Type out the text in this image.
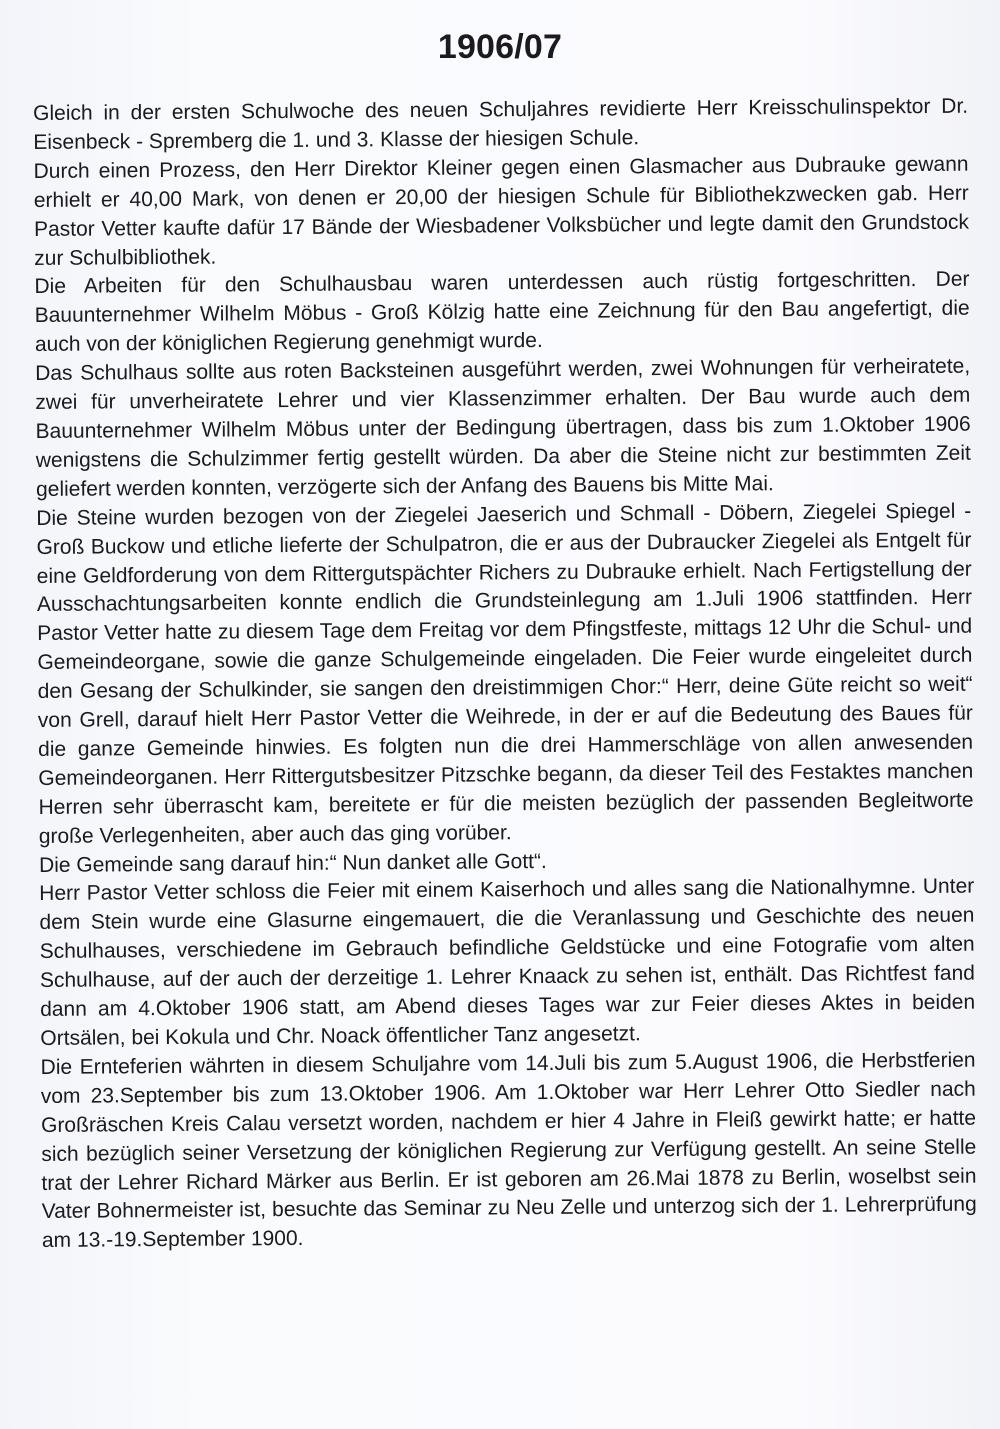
1906/07

Gleich in der ersten Schulwoche des neuen Schuljahres revidierte Herr Kreisschulinspektor Dr. Eisenbeck - Spremberg die 1. und 3. Klasse der hiesigen Schule.

Durch einen Prozess, den Herr Direktor Kleiner gegen einen Glasmacher aus Dubrauke gewann erhielt er 40,00 Mark, von denen er 20,00 der hiesigen Schule für Bibliothekzwecken gab. Herr Pastor Vetter kaufte dafür 17 Bände der Wiesbadener Volksbücher und legte damit den Grundstock zur Schulbibliothek.

Die Arbeiten für den Schulhausbau waren unterdessen auch rüstig fortgeschritten. Der Bauunternehmer Wilhelm Möbus - Groß Kölzig hatte eine Zeichnung für den Bau angefertigt, die auch von der königlichen Regierung genehmigt wurde.

Das Schulhaus sollte aus roten Backsteinen ausgeführt werden, zwei Wohnungen für verheiratete, zwei für unverheiratete Lehrer und vier Klassenzimmer erhalten. Der Bau wurde auch dem Bauunternehmer Wilhelm Möbus unter der Bedingung übertragen, dass bis zum 1.Oktober 1906 wenigstens die Schulzimmer fertig gestellt würden. Da aber die Steine nicht zur bestimmten Zeit geliefert werden konnten, verzögerte sich der Anfang des Bauens bis Mitte Mai.

Die Steine wurden bezogen von der Ziegelei Jaeserich und Schmall - Döbern, Ziegelei Spiegel - Groß Buckow und etliche lieferte der Schulpatron, die er aus der Dubraucker Ziegelei als Entgelt für eine Geldforderung von dem Rittergutspächter Richers zu Dubrauke erhielt. Nach Fertigstellung der Ausschachtungsarbeiten konnte endlich die Grundsteinlegung am 1.Juli 1906 stattfinden. Herr Pastor Vetter hatte zu diesem Tage dem Freitag vor dem Pfingstfeste, mittags 12 Uhr die Schul- und Gemeindeorgane, sowie die ganze Schulgemeinde eingeladen. Die Feier wurde eingeleitet durch den Gesang der Schulkinder, sie sangen den dreistimmigen Chor:“ Herr, deine Güte reicht so weit“ von Grell, darauf hielt Herr Pastor Vetter die Weihrede, in der er auf die Bedeutung des Baues für die ganze Gemeinde hinwies. Es folgten nun die drei Hammerschläge von allen anwesenden Gemeindeorganen. Herr Rittergutsbesitzer Pitzschke begann, da dieser Teil des Festaktes manchen Herren sehr überrascht kam, bereitete er für die meisten bezüglich der passenden Begleitworte große Verlegenheiten, aber auch das ging vorüber.

Die Gemeinde sang darauf hin:“ Nun danket alle Gott“.

Herr Pastor Vetter schloss die Feier mit einem Kaiserhoch und alles sang die Nationalhymne. Unter dem Stein wurde eine Glasurne eingemauert, die die Veranlassung und Geschichte des neuen Schulhauses, verschiedene im Gebrauch befindliche Geldstücke und eine Fotografie vom alten Schulhause, auf der auch der derzeitige 1. Lehrer Knaack zu sehen ist, enthält. Das Richtfest fand dann am 4.Oktober 1906 statt, am Abend dieses Tages war zur Feier dieses Aktes in beiden Ortsälen, bei Kokula und Chr. Noack öffentlicher Tanz angesetzt.

Die Ernteferien währten in diesem Schuljahre vom 14.Juli bis zum 5.August 1906, die Herbstferien vom 23.September bis zum 13.Oktober 1906. Am 1.Oktober war Herr Lehrer Otto Siedler nach Großräschen Kreis Calau versetzt worden, nachdem er hier 4 Jahre in Fleiß gewirkt hatte; er hatte sich bezüglich seiner Versetzung der königlichen Regierung zur Verfügung gestellt. An seine Stelle trat der Lehrer Richard Märker aus Berlin. Er ist geboren am 26.Mai 1878 zu Berlin, woselbst sein Vater Bohnermeister ist, besuchte das Seminar zu Neu Zelle und unterzog sich der 1. Lehrerprüfung am 13.-19.September 1900.
